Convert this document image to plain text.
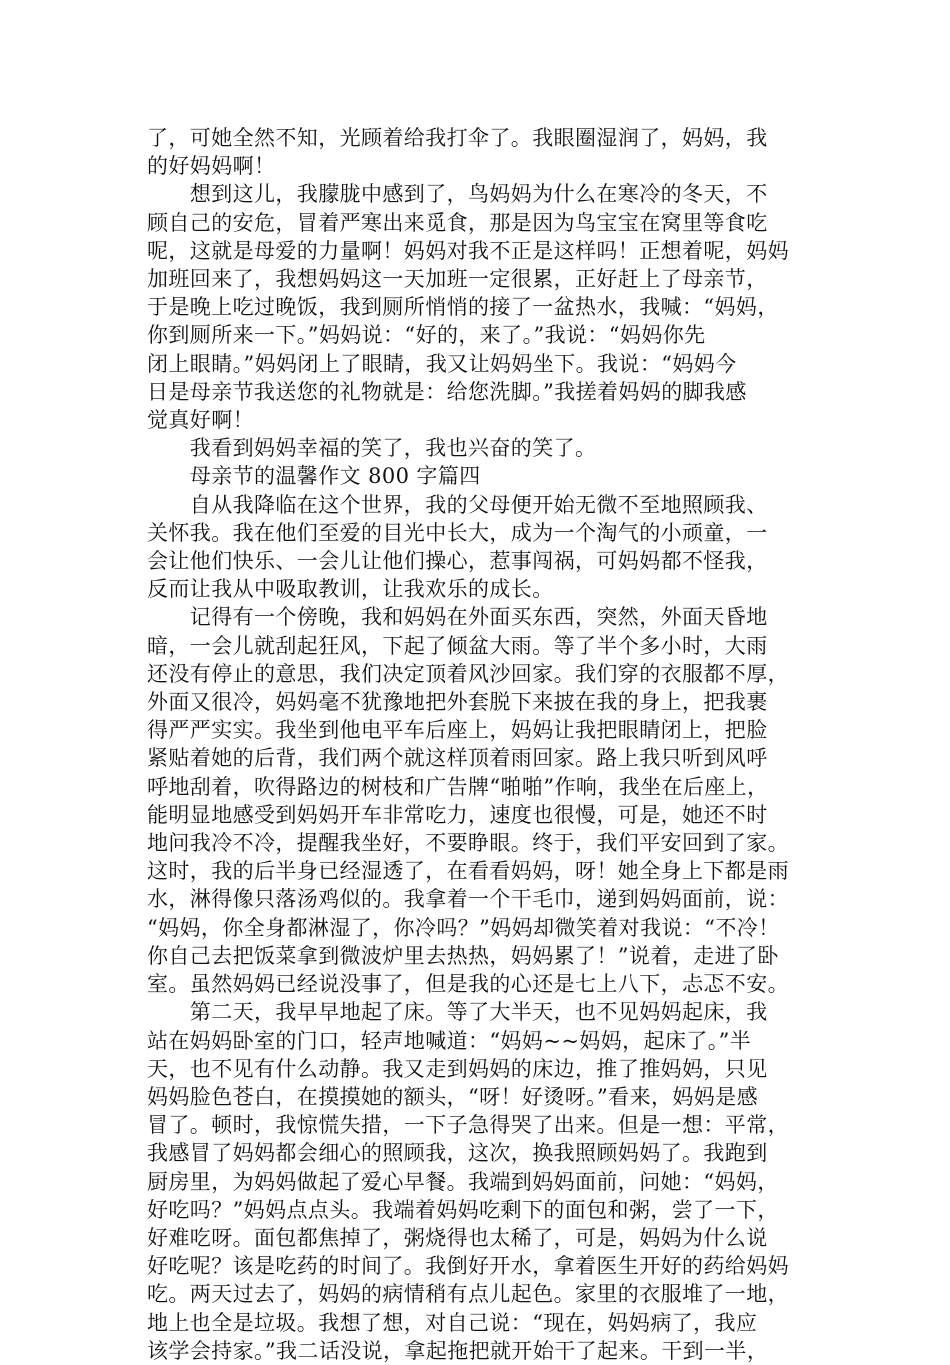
了，可她全然不知，光顾着给我打伞了。我眼圈湿润了，妈妈，我
的好妈妈啊！
　　想到这儿，我朦胧中感到了，鸟妈妈为什么在寒冷的冬天，不
顾自己的安危，冒着严寒出来觅食，那是因为鸟宝宝在窝里等食吃
呢，这就是母爱的力量啊！妈妈对我不正是这样吗！正想着呢，妈妈
加班回来了，我想妈妈这一天加班一定很累，正好赶上了母亲节，
于是晚上吃过晚饭，我到厕所悄悄的接了一盆热水，我喊：“妈妈，
你到厕所来一下。”妈妈说：“好的，来了。”我说：“妈妈你先
闭上眼睛。”妈妈闭上了眼睛，我又让妈妈坐下。我说：“妈妈今
日是母亲节我送您的礼物就是：给您洗脚。”我搓着妈妈的脚我感
觉真好啊！
　　我看到妈妈幸福的笑了，我也兴奋的笑了。
　　母亲节的温馨作文 800 字篇四
　　自从我降临在这个世界，我的父母便开始无微不至地照顾我、
关怀我。我在他们至爱的目光中长大，成为一个淘气的小顽童，一
会让他们快乐、一会儿让他们操心，惹事闯祸，可妈妈都不怪我，
反而让我从中吸取教训，让我欢乐的成长。
　　记得有一个傍晚，我和妈妈在外面买东西，突然，外面天昏地
暗，一会儿就刮起狂风，下起了倾盆大雨。等了半个多小时，大雨
还没有停止的意思，我们决定顶着风沙回家。我们穿的衣服都不厚，
外面又很冷，妈妈毫不犹豫地把外套脱下来披在我的身上，把我裹
得严严实实。我坐到他电平车后座上，妈妈让我把眼睛闭上，把脸
紧贴着她的后背，我们两个就这样顶着雨回家。路上我只听到风呼
呼地刮着，吹得路边的树枝和广告牌“啪啪”作响，我坐在后座上，
能明显地感受到妈妈开车非常吃力，速度也很慢，可是，她还不时
地问我冷不冷，提醒我坐好，不要睁眼。终于，我们平安回到了家。
这时，我的后半身已经湿透了，在看看妈妈，呀！她全身上下都是雨
水，淋得像只落汤鸡似的。我拿着一个干毛巾，递到妈妈面前，说：
“妈妈，你全身都淋湿了，你冷吗？”妈妈却微笑着对我说：“不冷！
你自己去把饭菜拿到微波炉里去热热，妈妈累了！”说着，走进了卧
室。虽然妈妈已经说没事了，但是我的心还是七上八下，忐忑不安。
　　第二天，我早早地起了床。等了大半天，也不见妈妈起床，我
站在妈妈卧室的门口，轻声地喊道：“妈妈~~妈妈，起床了。”半
天，也不见有什么动静。我又走到妈妈的床边，推了推妈妈，只见
妈妈脸色苍白，在摸摸她的额头，“呀！好烫呀。”看来，妈妈是感
冒了。顿时，我惊慌失措，一下子急得哭了出来。但是一想：平常，
我感冒了妈妈都会细心的照顾我，这次，换我照顾妈妈了。我跑到
厨房里，为妈妈做起了爱心早餐。我端到妈妈面前，问她：“妈妈，
好吃吗？”妈妈点点头。我端着妈妈吃剩下的面包和粥，尝了一下，
好难吃呀。面包都焦掉了，粥烧得也太稀了，可是，妈妈为什么说
好吃呢？该是吃药的时间了。我倒好开水，拿着医生开好的药给妈妈
吃。两天过去了，妈妈的病情稍有点儿起色。家里的衣服堆了一地，
地上也全是垃圾。我想了想，对自己说：“现在，妈妈病了，我应
该学会持家。”我二话没说，拿起拖把就开始干了起来。干到一半，
